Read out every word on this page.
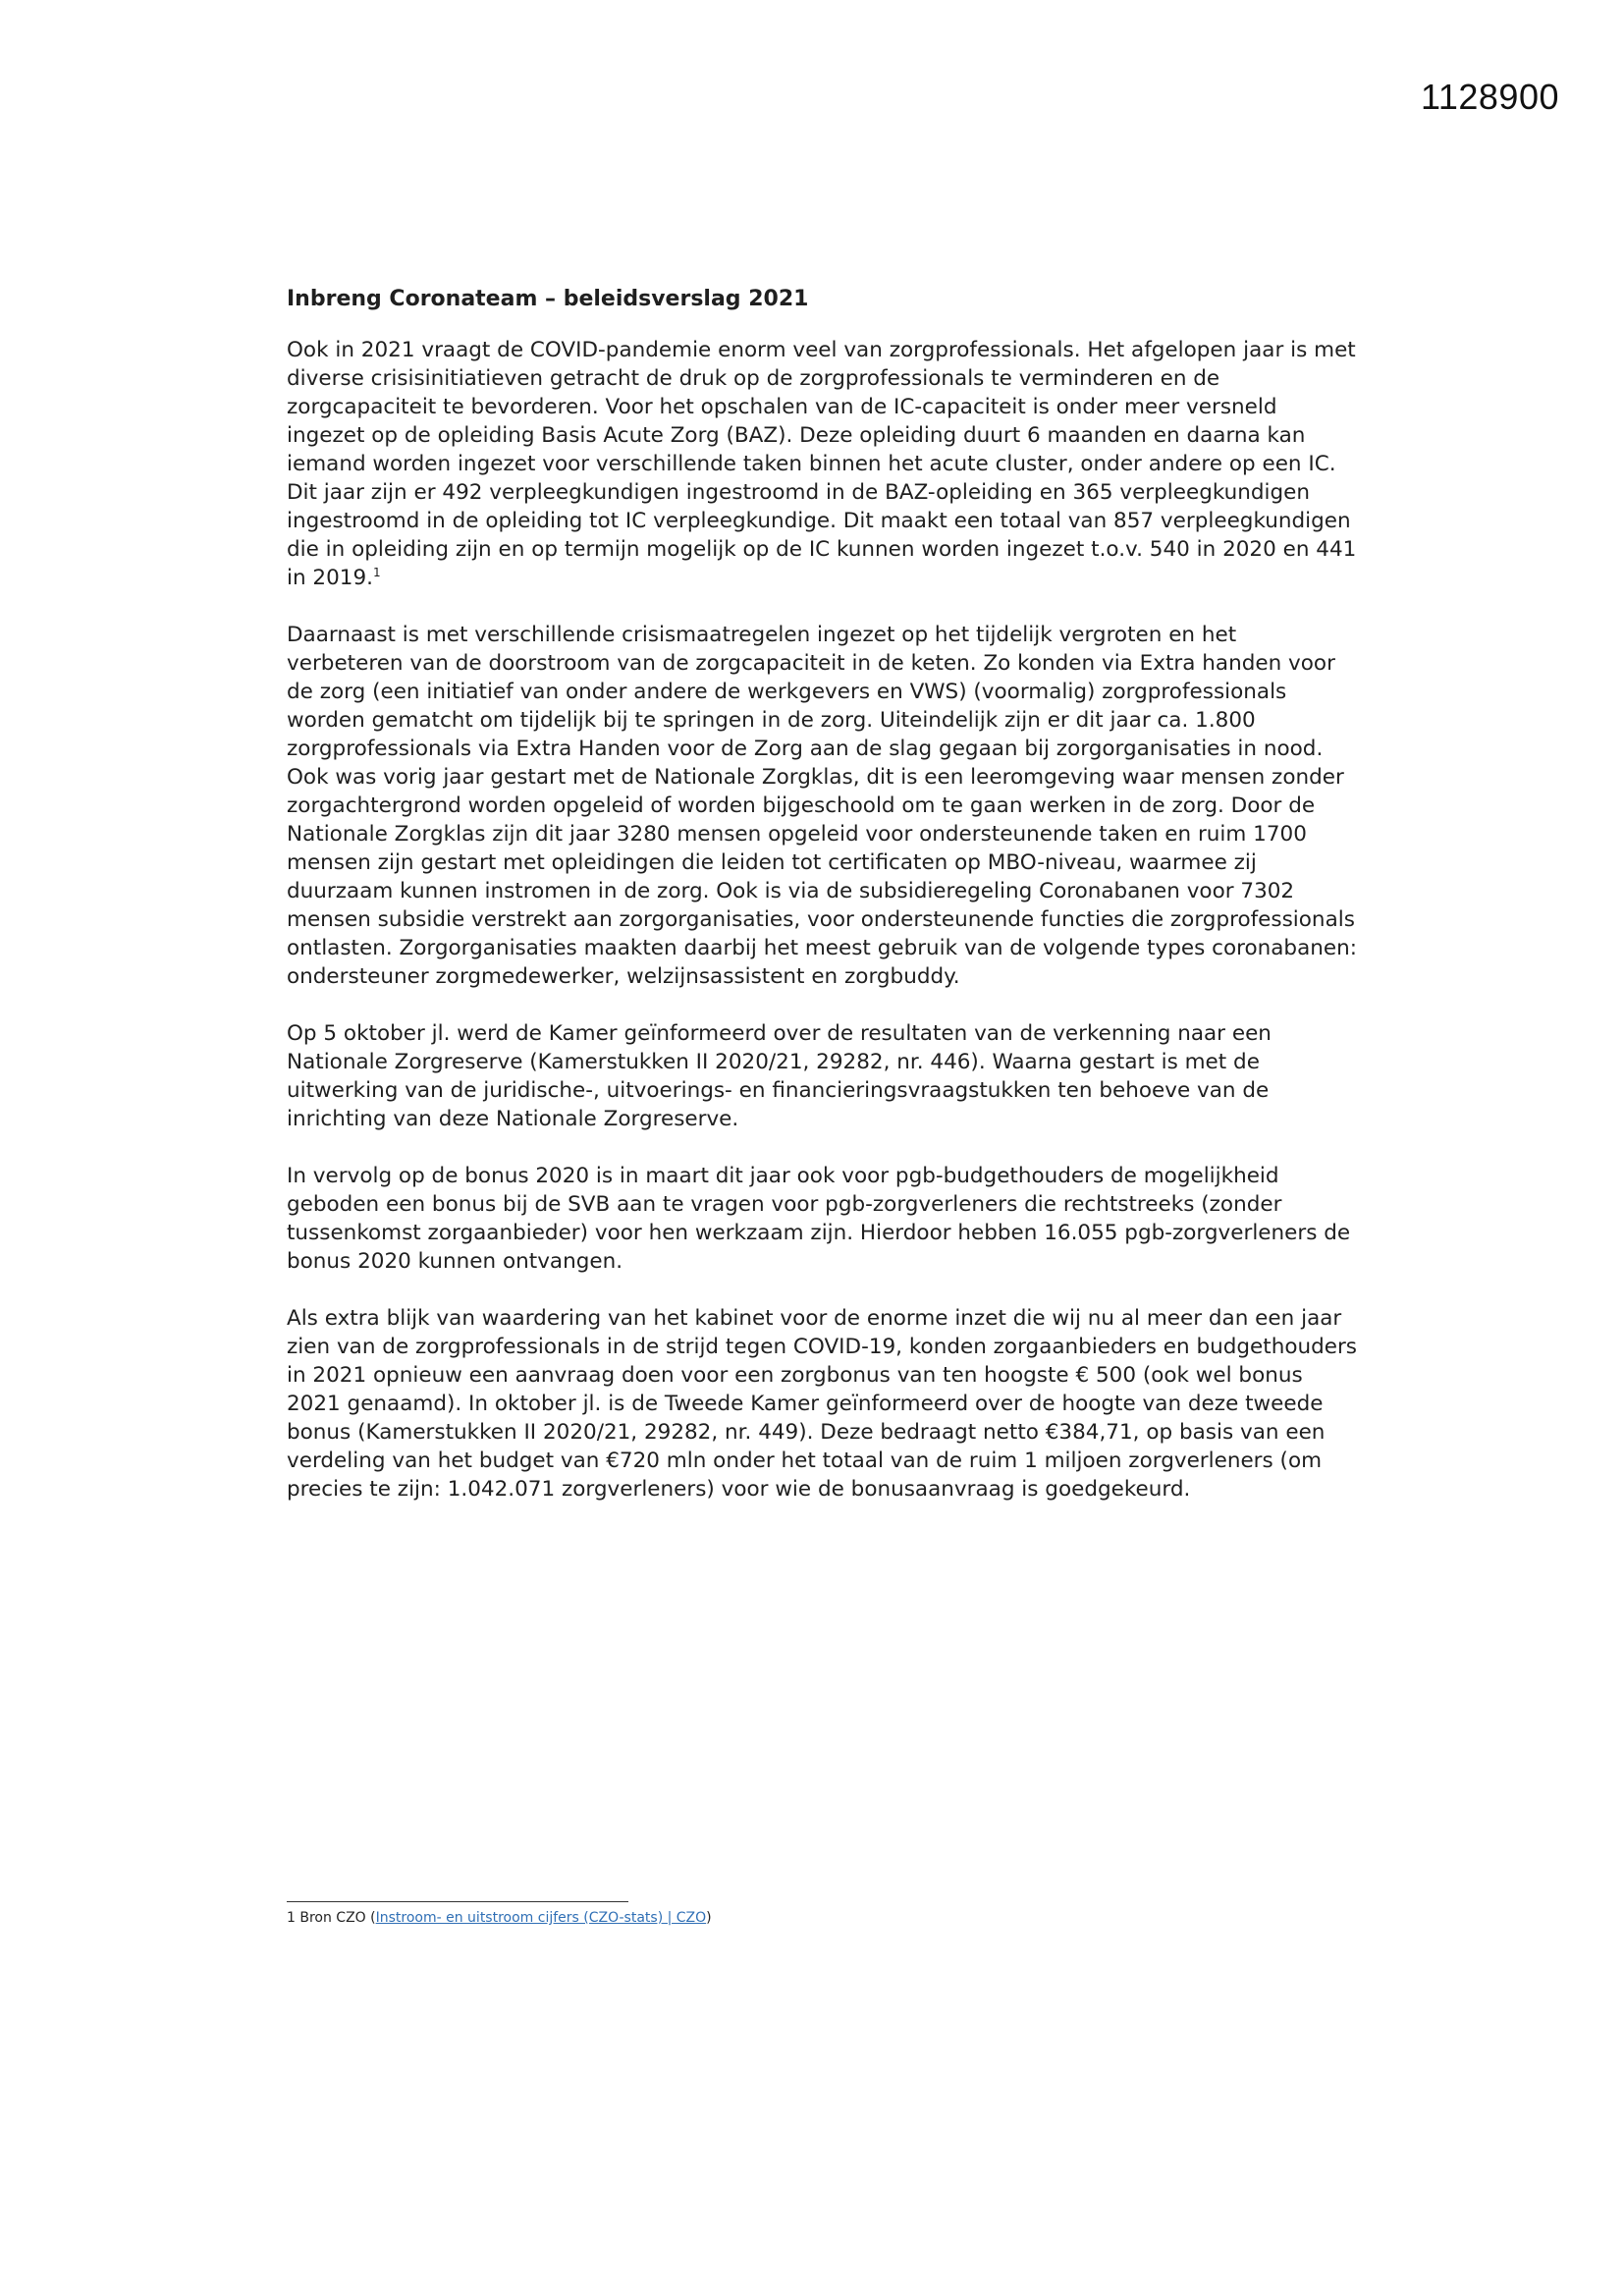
1128900
Inbreng Coronateam – beleidsverslag 2021

Ook in 2021 vraagt de COVID-pandemie enorm veel van zorgprofessionals. Het afgelopen jaar is met diverse crisisinitiatieven getracht de druk op de zorgprofessionals te verminderen en de zorgcapaciteit te bevorderen. Voor het opschalen van de IC-capaciteit is onder meer versneld ingezet op de opleiding Basis Acute Zorg (BAZ). Deze opleiding duurt 6 maanden en daarna kan iemand worden ingezet voor verschillende taken binnen het acute cluster, onder andere op een IC. Dit jaar zijn er 492 verpleegkundigen ingestroomd in de BAZ-opleiding en 365 verpleegkundigen ingestroomd in de opleiding tot IC verpleegkundige. Dit maakt een totaal van 857 verpleegkundigen die in opleiding zijn en op termijn mogelijk op de IC kunnen worden ingezet t.o.v. 540 in 2020 en 441 in 2019.$^1$

Daarnaast is met verschillende crisismaatregelen ingezet op het tijdelijk vergroten en het verbeteren van de doorstroom van de zorgcapaciteit in de keten. Zo konden via Extra handen voor de zorg (een initiatief van onder andere de werkgevers en VWS) (voormalig) zorgprofessionals worden gematcht om tijdelijk bij te springen in de zorg. Uiteindelijk zijn er dit jaar ca. 1.800 zorgprofessionals via Extra Handen voor de Zorg aan de slag gegaan bij zorgorganisaties in nood. Ook was vorig jaar gestart met de Nationale Zorgklas, dit is een leeromgeving waar mensen zonder zorgachtergrond worden opgeleid of worden bijgeschoold om te gaan werken in de zorg. Door de Nationale Zorgklas zijn dit jaar 3280 mensen opgeleid voor ondersteunende taken en ruim 1700 mensen zijn gestart met opleidingen die leiden tot certificaten op MBO-niveau, waarmee zij duurzaam kunnen instromen in de zorg. Ook is via de subsidieregeling Coronabanen voor 7302 mensen subsidie verstrekt aan zorgorganisaties, voor ondersteunende functies die zorgprofessionals ontlasten. Zorgorganisaties maakten daarbij het meest gebruik van de volgende types coronabanen: ondersteuner zorgmedewerker, welzijnsassistent en zorgbuddy.

Op 5 oktober jl. werd de Kamer geïnformeerd over de resultaten van de verkenning naar een Nationale Zorgreserve (Kamerstukken II 2020/21, 29282, nr. 446). Waarna gestart is met de uitwerking van de juridische-, uitvoerings- en financieringsvraagstukken ten behoeve van de inrichting van deze Nationale Zorgreserve.

In vervolg op de bonus 2020 is in maart dit jaar ook voor pgb-budgethouders de mogelijkheid geboden een bonus bij de SVB aan te vragen voor pgb-zorgverleners die rechtstreeks (zonder tussenkomst zorgaanbieder) voor hen werkzaam zijn. Hierdoor hebben 16.055 pgb-zorgverleners de bonus 2020 kunnen ontvangen.

Als extra blijk van waardering van het kabinet voor de enorme inzet die wij nu al meer dan een jaar zien van de zorgprofessionals in de strijd tegen COVID-19, konden zorgaanbieders en budgethouders in 2021 opnieuw een aanvraag doen voor een zorgbonus van ten hoogste € 500 (ook wel bonus 2021 genaamd). In oktober jl. is de Tweede Kamer geïnformeerd over de hoogte van deze tweede bonus (Kamerstukken II 2020/21, 29282, nr. 449). Deze bedraagt netto €384,71, op basis van een verdeling van het budget van €720 mln onder het totaal van de ruim 1 miljoen zorgverleners (om precies te zijn: 1.042.071 zorgverleners) voor wie de bonusaanvraag is goedgekeurd.

1 Bron CZO (Instroom- en uitstroom cijfers (CZO-stats) | CZO)
